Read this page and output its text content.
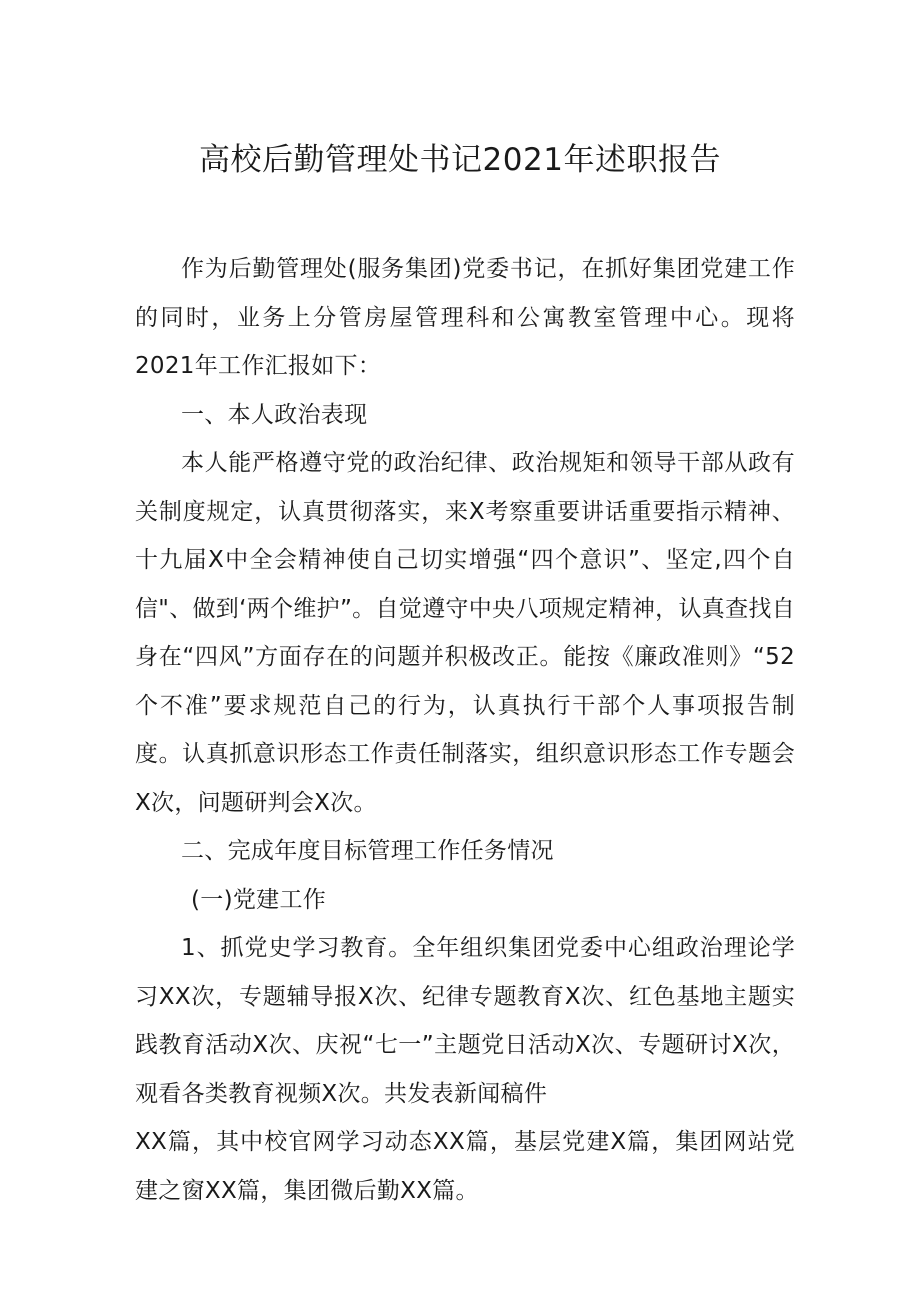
高校后勤管理处书记2021年述职报告

作为后勤管理处(服务集团)党委书记，在抓好集团党建工作的同时，业务上分管房屋管理科和公寓教室管理中心。现将2021年工作汇报如下：

一、本人政治表现

本人能严格遵守党的政治纪律、政治规矩和领导干部从政有关制度规定，认真贯彻落实，来X考察重要讲话重要指示精神、十九届X中全会精神使自己切实增强“四个意识”、坚定,四个自信"、做到‘两个维护”。自觉遵守中央八项规定精神，认真查找自身在“四风”方面存在的问题并积极改正。能按《廉政准则》“52个不准”要求规范自己的行为，认真执行干部个人事项报告制度。认真抓意识形态工作责任制落实，组织意识形态工作专题会X次，问题研判会X次。

二、完成年度目标管理工作任务情况

(一)党建工作

1、抓党史学习教育。全年组织集团党委中心组政治理论学习XX次，专题辅导报X次、纪律专题教育X次、红色基地主题实践教育活动X次、庆祝“七一”主题党日活动X次、专题研讨X次，观看各类教育视频X次。共发表新闻稿件

XX篇，其中校官网学习动态XX篇，基层党建X篇，集团网站党建之窗XX篇，集团微后勤XX篇。
